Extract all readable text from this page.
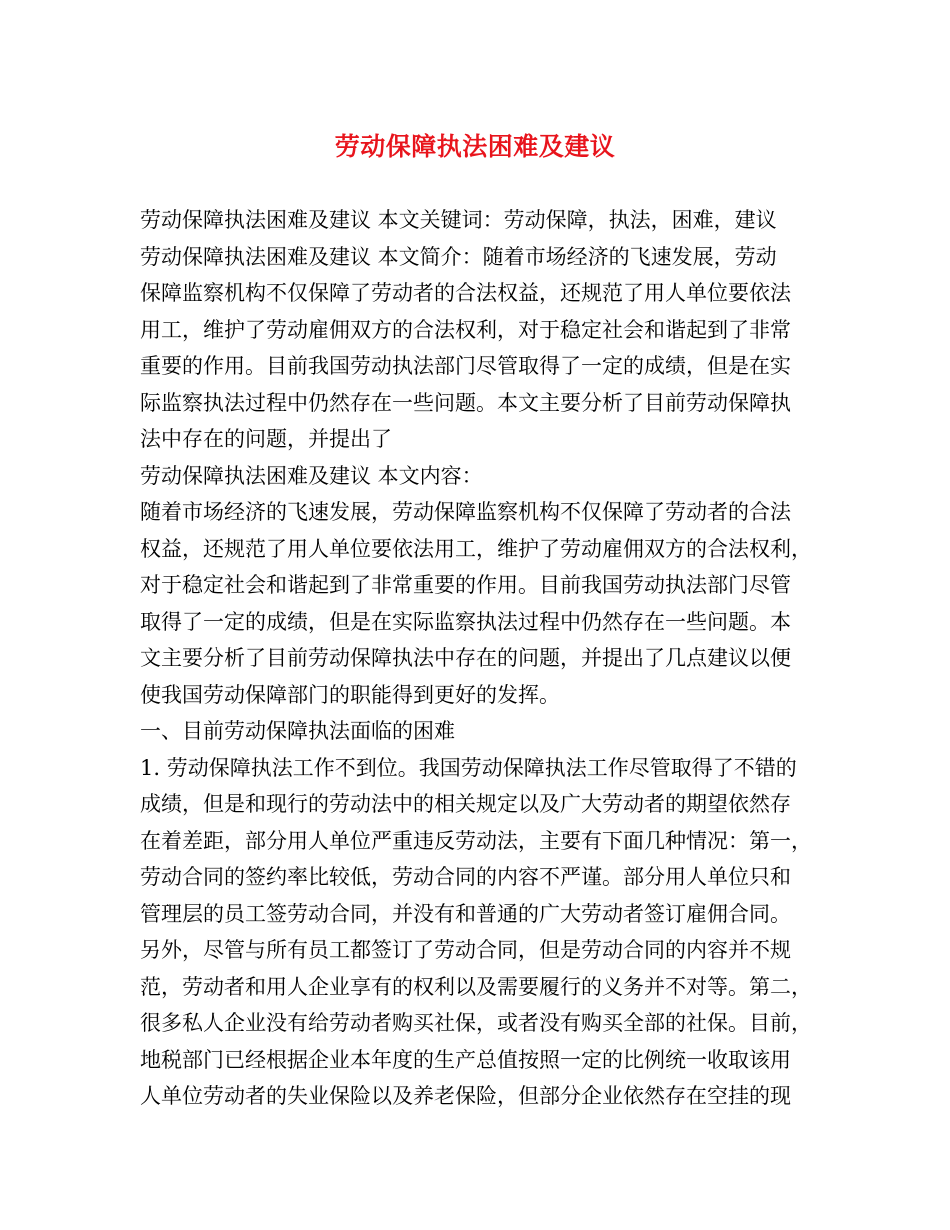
劳动保障执法困难及建议
劳动保障执法困难及建议 本文关键词：劳动保障，执法，困难，建议
劳动保障执法困难及建议 本文简介：随着市场经济的飞速发展，劳动
保障监察机构不仅保障了劳动者的合法权益，还规范了用人单位要依法
用工，维护了劳动雇佣双方的合法权利，对于稳定社会和谐起到了非常
重要的作用。目前我国劳动执法部门尽管取得了一定的成绩，但是在实
际监察执法过程中仍然存在一些问题。本文主要分析了目前劳动保障执
法中存在的问题，并提出了
劳动保障执法困难及建议 本文内容：
随着市场经济的飞速发展，劳动保障监察机构不仅保障了劳动者的合法
权益，还规范了用人单位要依法用工，维护了劳动雇佣双方的合法权利，
对于稳定社会和谐起到了非常重要的作用。目前我国劳动执法部门尽管
取得了一定的成绩，但是在实际监察执法过程中仍然存在一些问题。本
文主要分析了目前劳动保障执法中存在的问题，并提出了几点建议以便
使我国劳动保障部门的职能得到更好的发挥。
一、目前劳动保障执法面临的困难
1. 劳动保障执法工作不到位。我国劳动保障执法工作尽管取得了不错的
成绩，但是和现行的劳动法中的相关规定以及广大劳动者的期望依然存
在着差距，部分用人单位严重违反劳动法，主要有下面几种情况：第一，
劳动合同的签约率比较低，劳动合同的内容不严谨。部分用人单位只和
管理层的员工签劳动合同，并没有和普通的广大劳动者签订雇佣合同。
另外，尽管与所有员工都签订了劳动合同，但是劳动合同的内容并不规
范，劳动者和用人企业享有的权利以及需要履行的义务并不对等。第二，
很多私人企业没有给劳动者购买社保，或者没有购买全部的社保。目前，
地税部门已经根据企业本年度的生产总值按照一定的比例统一收取该用
人单位劳动者的失业保险以及养老保险，但部分企业依然存在空挂的现
